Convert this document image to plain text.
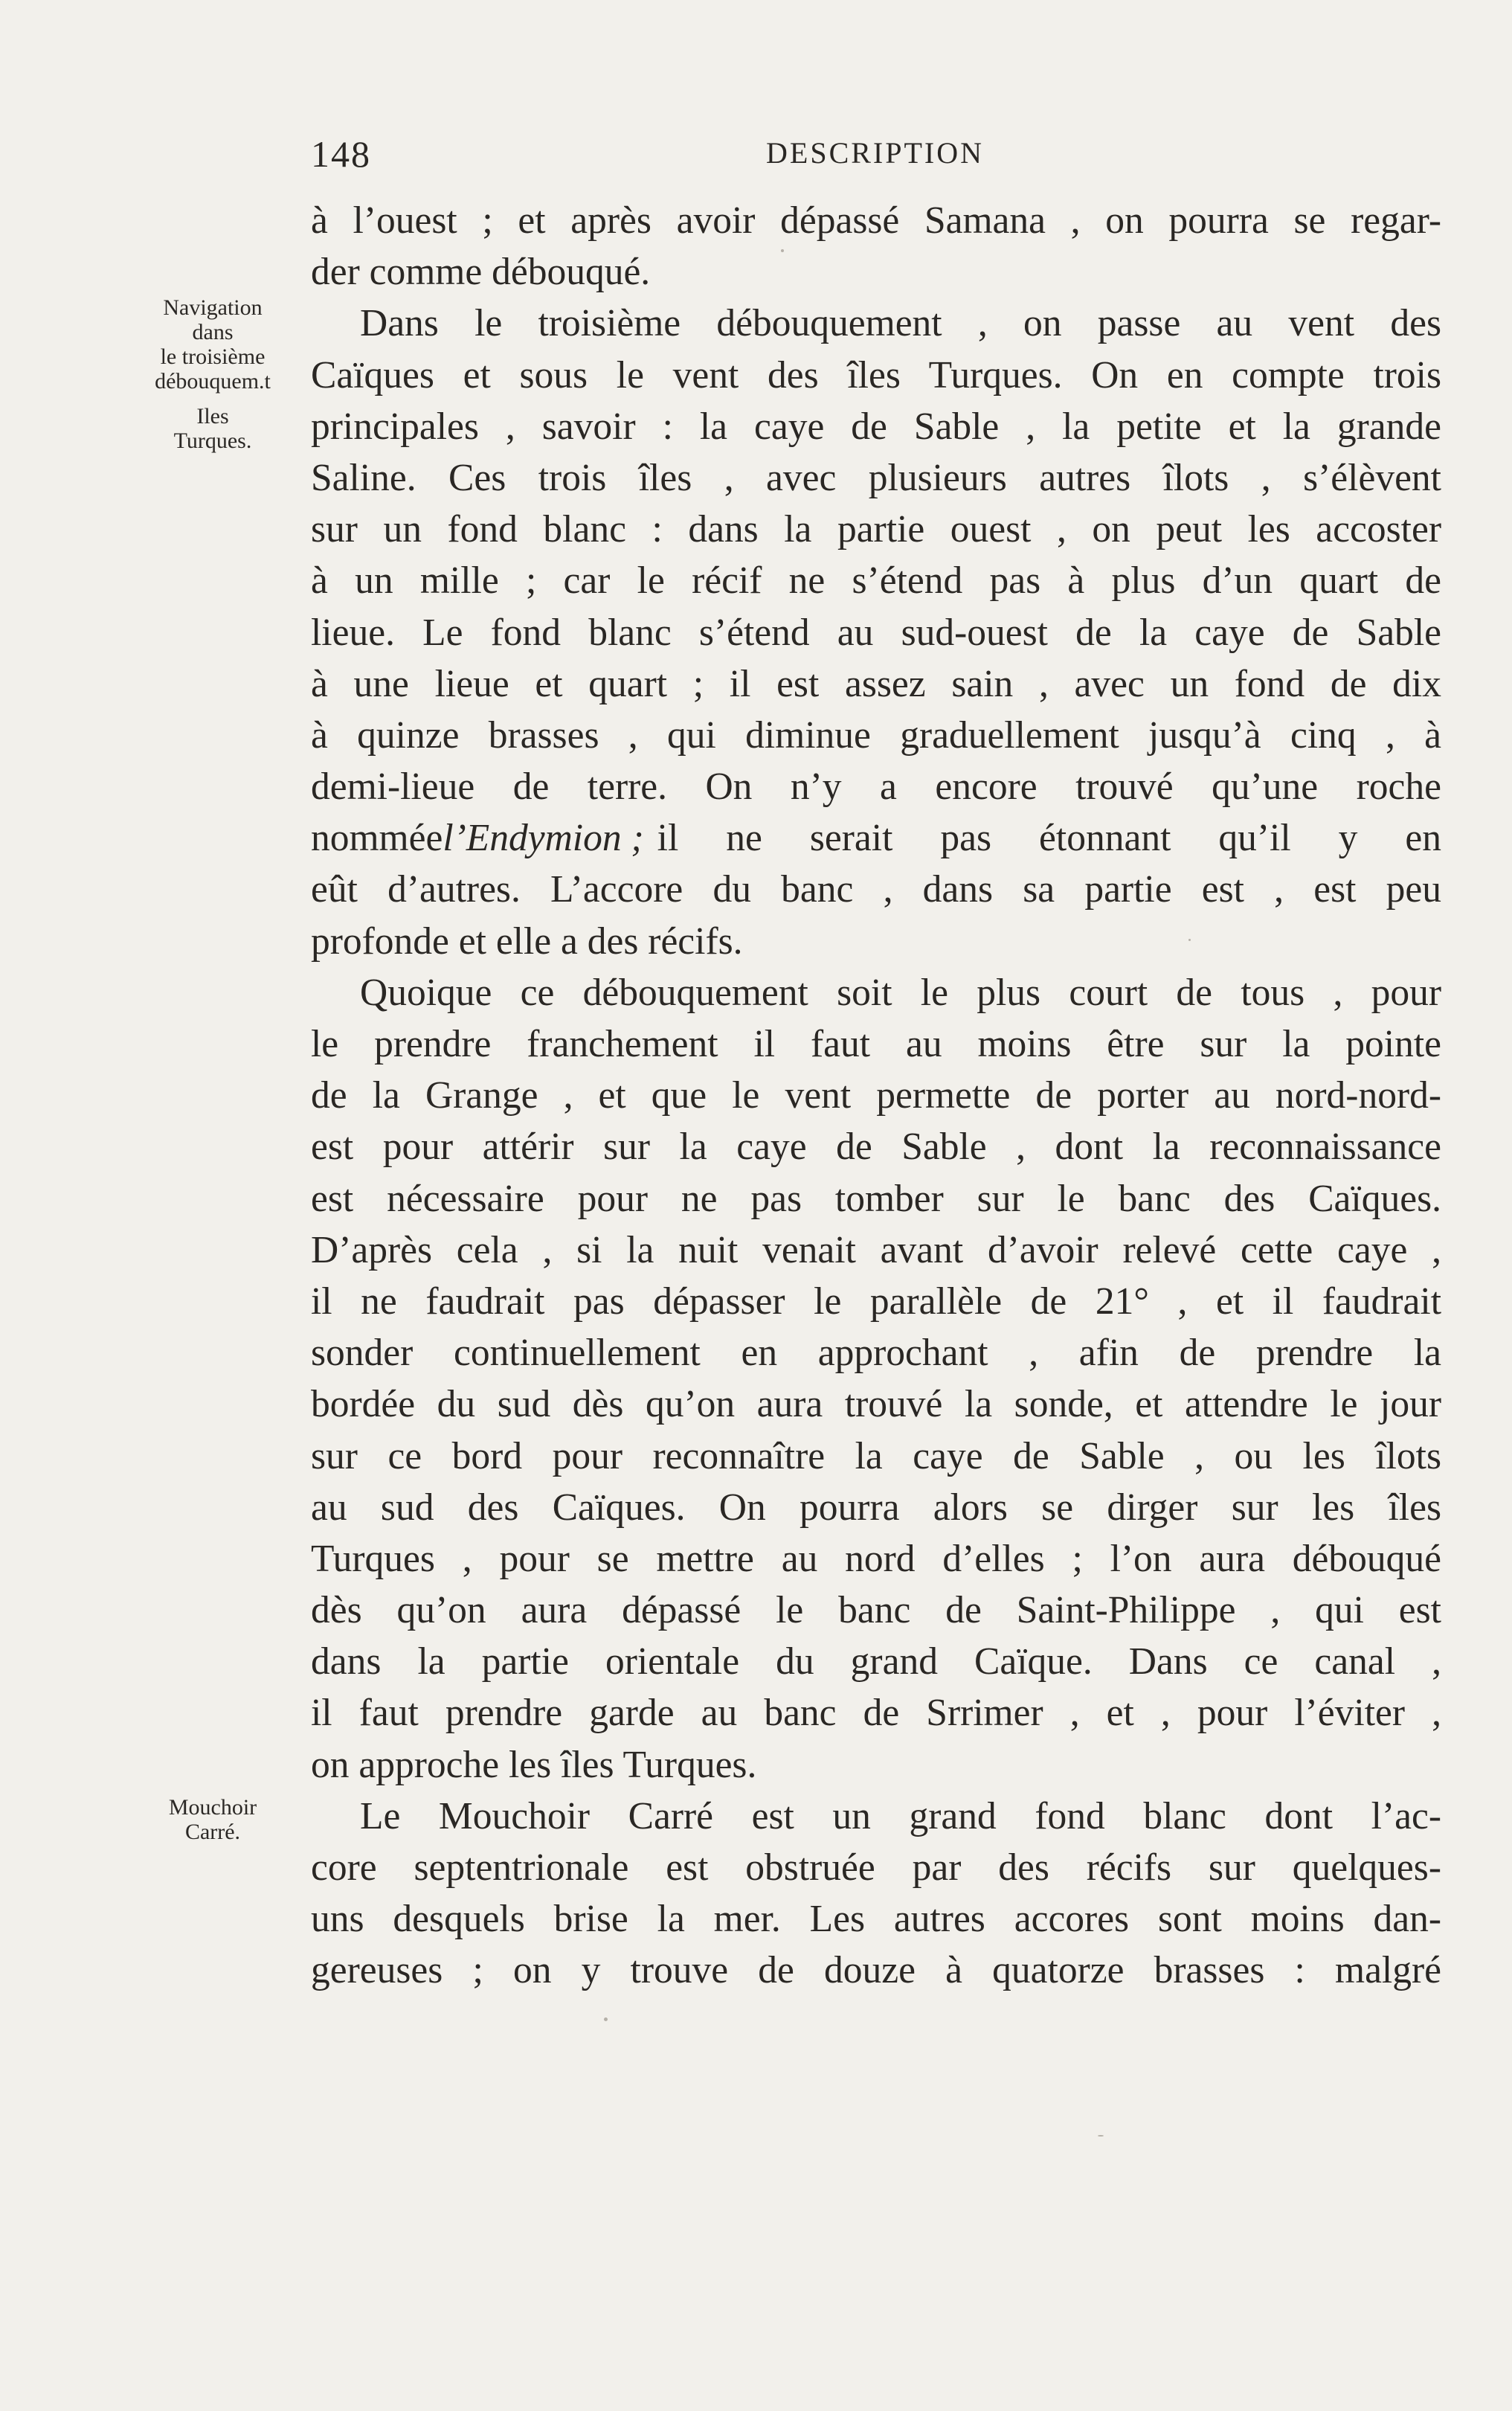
148	DESCRIPTION
Navigation
dans
le troisième
débouquem.t
Iles
Turques.
Mouchoir
Carré.
à l’ouest ; et après avoir dépassé Samana , on pourra se regar-
der comme débouqué.
Dans le troisième débouquement , on passe au vent des
Caïques et sous le vent des îles Turques. On en compte trois
principales , savoir : la caye de Sable , la petite et la grande
Saline. Ces trois îles , avec plusieurs autres îlots , s’élèvent
sur un fond blanc : dans la partie ouest , on peut les accoster
à un mille ; car le récif ne s’étend pas à plus d’un quart de
lieue. Le fond blanc s’étend au sud-ouest de la caye de Sable
à une lieue et quart ; il est assez sain , avec un fond de dix
à quinze brasses , qui diminue graduellement jusqu’à cinq , à
demi-lieue de terre. On n’y a encore trouvé qu’une roche
nommée l’Endymion ; il ne serait pas étonnant qu’il y en
eût d’autres. L’accore du banc , dans sa partie est , est peu
profonde et elle a des récifs.
Quoique ce débouquement soit le plus court de tous , pour
le prendre franchement il faut au moins être sur la pointe
de la Grange , et que le vent permette de porter au nord-nord-
est pour attérir sur la caye de Sable , dont la reconnaissance
est nécessaire pour ne pas tomber sur le banc des Caïques.
D’après cela , si la nuit venait avant d’avoir relevé cette caye ,
il ne faudrait pas dépasser le parallèle de 21° , et il faudrait
sonder continuellement en approchant , afin de prendre la
bordée du sud dès qu’on aura trouvé la sonde, et attendre le jour
sur ce bord pour reconnaître la caye de Sable , ou les îlots
au sud des Caïques. On pourra alors se dirger sur les îles
Turques , pour se mettre au nord d’elles ; l’on aura débouqué
dès qu’on aura dépassé le banc de Saint-Philippe , qui est
dans la partie orientale du grand Caïque. Dans ce canal ,
il faut prendre garde au banc de Srrimer , et , pour l’éviter ,
on approche les îles Turques.
Le Mouchoir Carré est un grand fond blanc dont l’ac-
core septentrionale est obstruée par des récifs sur quelques-
uns desquels brise la mer. Les autres accores sont moins dan-
gereuses ; on y trouve de douze à quatorze brasses : malgré
